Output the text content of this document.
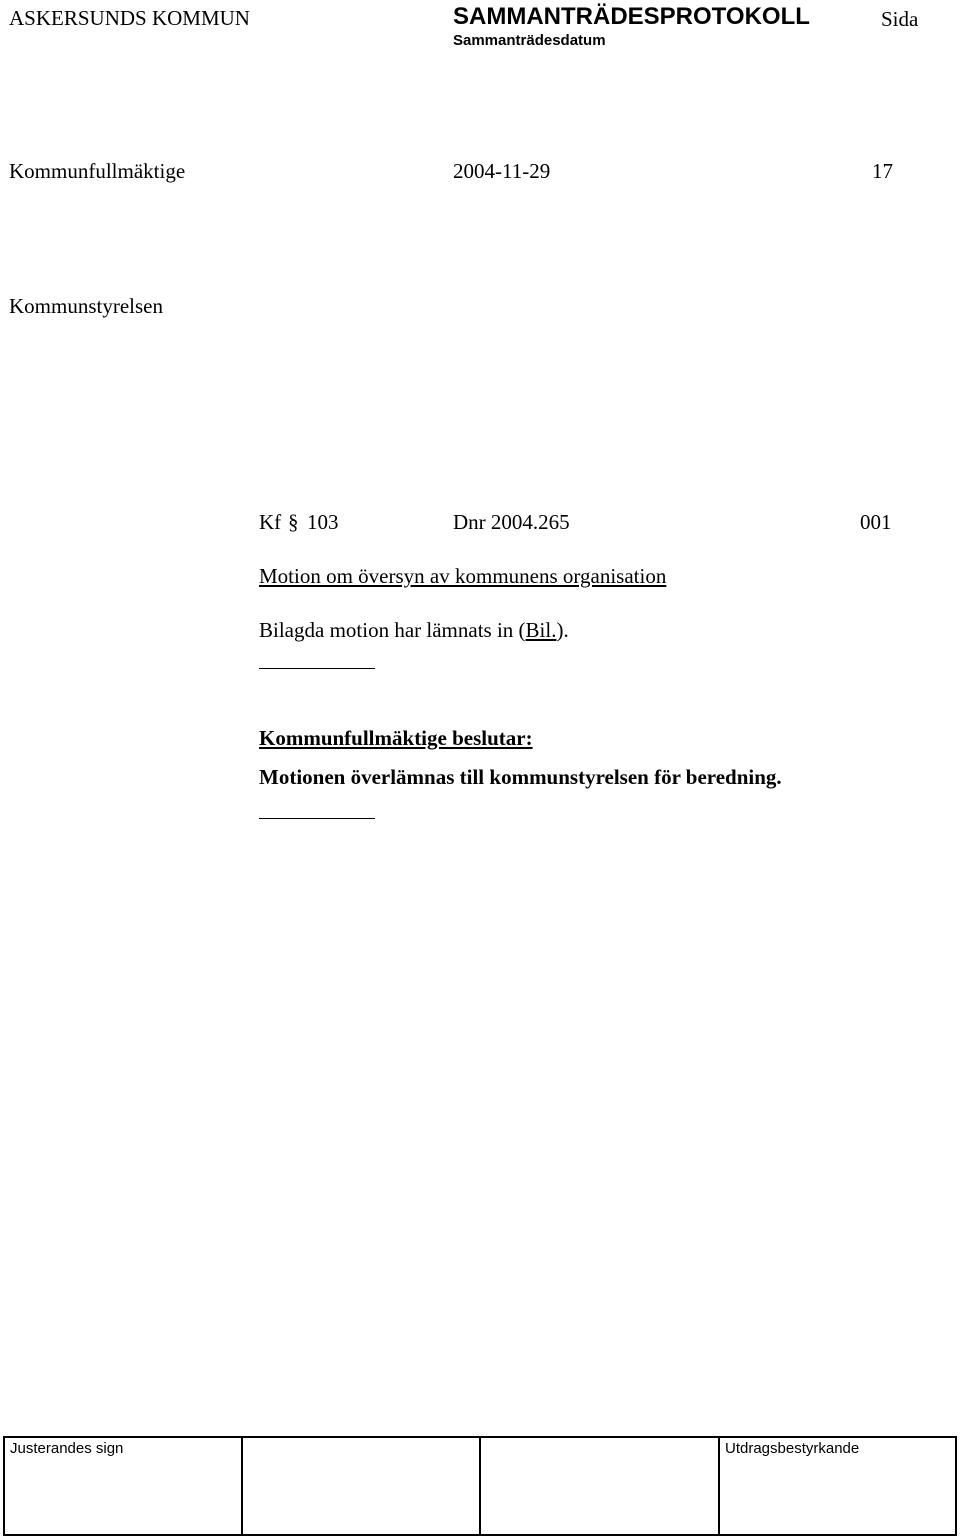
ASKERSUNDS KOMMUN	SAMMANTRÄDESPROTOKOLL	Sida
Sammanträdesdatum
Kommunfullmäktige	2004-11-29	17
Kommunstyrelsen
Kf § 103	Dnr 2004.265	001
Motion om översyn av kommunens organisation
Bilagda motion har lämnats in (Bil.).
Kommunfullmäktige beslutar:
Motionen överlämnas till kommunstyrelsen för beredning.
Justerandes sign	Utdragsbestyrkande
